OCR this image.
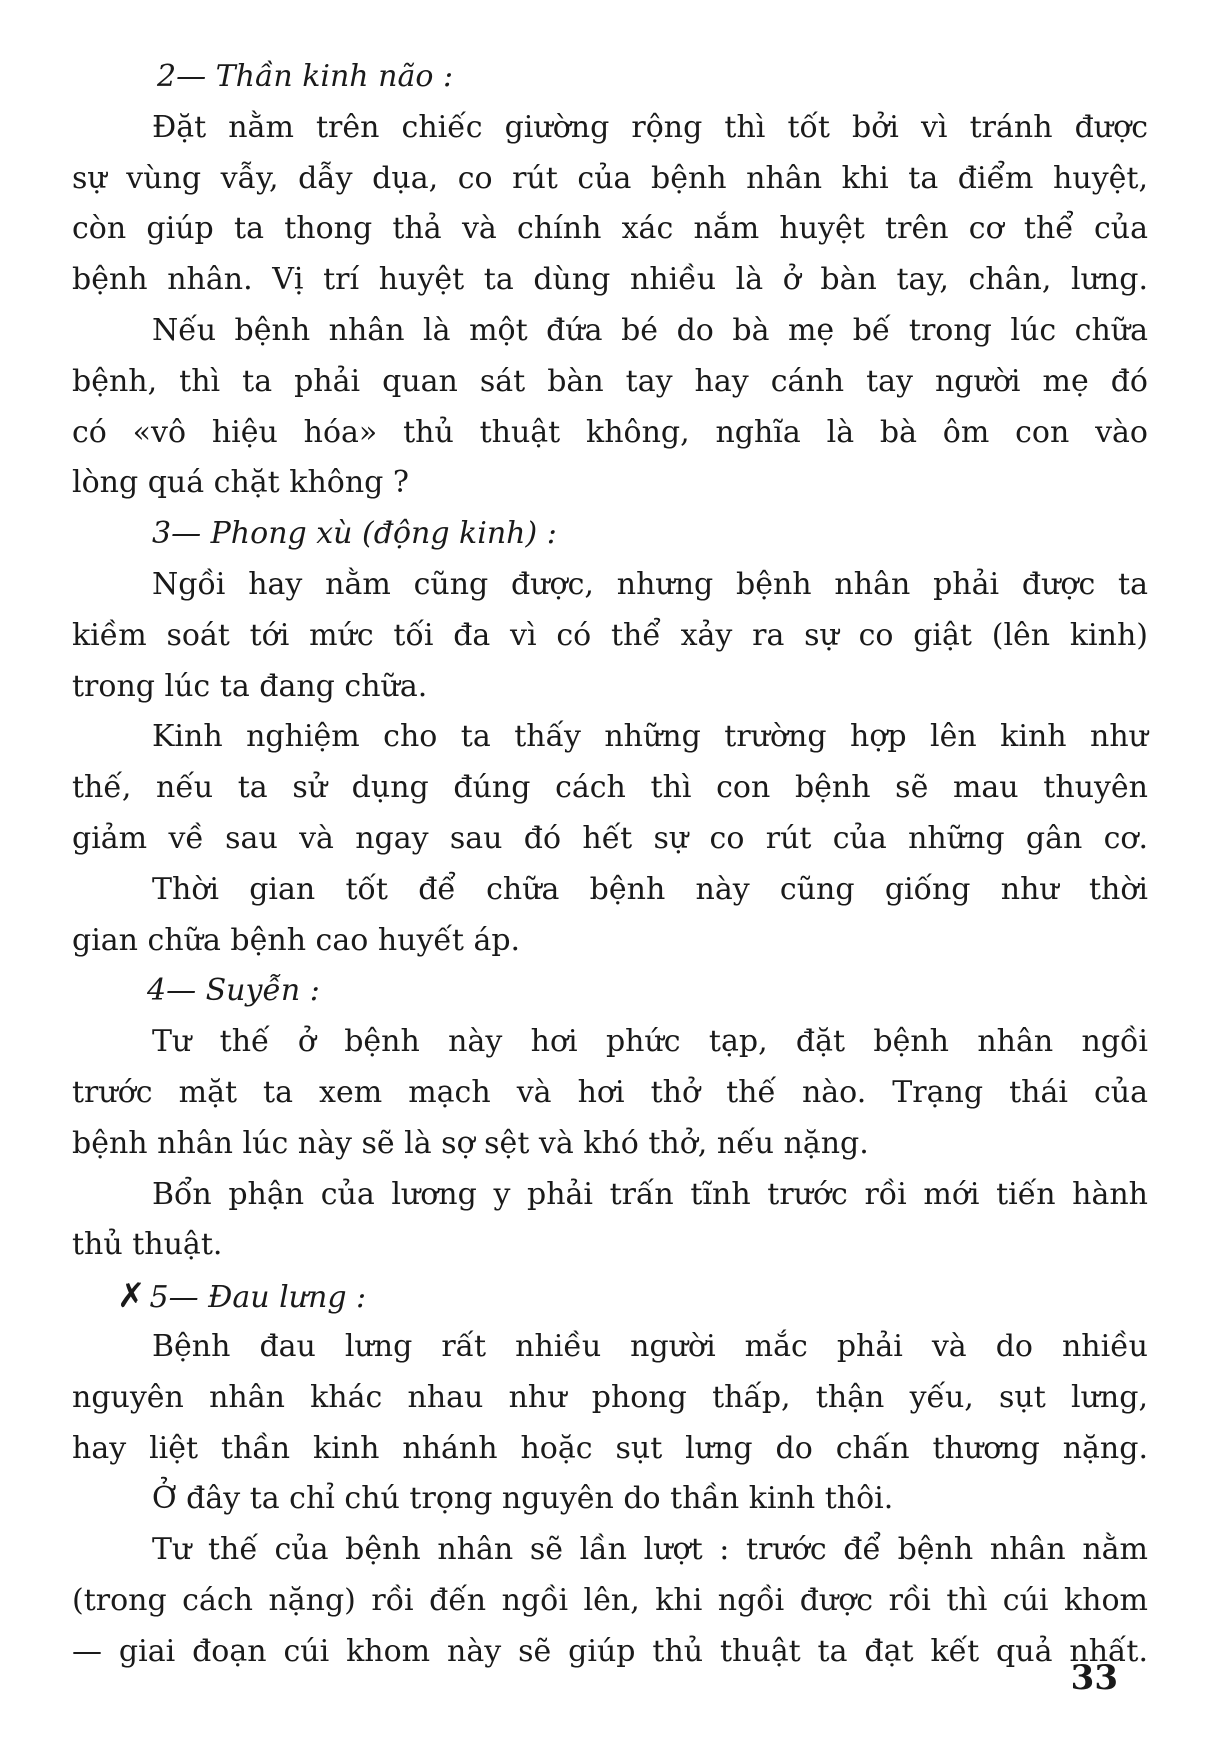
2— Thần kinh não :
Đặt nằm trên chiếc giường rộng thì tốt bởi vì tránh được
sự vùng vẫy, dẫy dụa, co rút của bệnh nhân khi ta điểm huyệt,
còn giúp ta thong thả và chính xác nắm huyệt trên cơ thể của
bệnh nhân. Vị trí huyệt ta dùng nhiều là ở bàn tay, chân, lưng.
Nếu bệnh nhân là một đứa bé do bà mẹ bế trong lúc chữa
bệnh, thì ta phải quan sát bàn tay hay cánh tay người mẹ đó
có «vô hiệu hóa» thủ thuật không, nghĩa là bà ôm con vào
lòng quá chặt không ?
3— Phong xù (động kinh) :
Ngồi hay nằm cũng được, nhưng bệnh nhân phải được ta
kiềm soát tới mức tối đa vì có thể xảy ra sự co giật (lên kinh)
trong lúc ta đang chữa.
Kinh nghiệm cho ta thấy những trường hợp lên kinh như
thế, nếu ta sử dụng đúng cách thì con bệnh sẽ mau thuyên
giảm về sau và ngay sau đó hết sự co rút của những gân cơ.
Thời gian tốt để chữa bệnh này cũng giống như thời
gian chữa bệnh cao huyết áp.
4— Suyễn :
Tư thế ở bệnh này hơi phức tạp, đặt bệnh nhân ngồi
trước mặt ta xem mạch và hơi thở thế nào. Trạng thái của
bệnh nhân lúc này sẽ là sợ sệt và khó thở, nếu nặng.
Bổn phận của lương y phải trấn tĩnh trước rồi mới tiến hành
thủ thuật.
✗ 5— Đau lưng :
Bệnh đau lưng rất nhiều người mắc phải và do nhiều
nguyên nhân khác nhau như phong thấp, thận yếu, sụt lưng,
hay liệt thần kinh nhánh hoặc sụt lưng do chấn thương nặng.
Ở đây ta chỉ chú trọng nguyên do thần kinh thôi.
Tư thế của bệnh nhân sẽ lần lượt : trước để bệnh nhân nằm
(trong cách nặng) rồi đến ngồi lên, khi ngồi được rồi thì cúi khom
— giai đoạn cúi khom này sẽ giúp thủ thuật ta đạt kết quả nhất.
33
